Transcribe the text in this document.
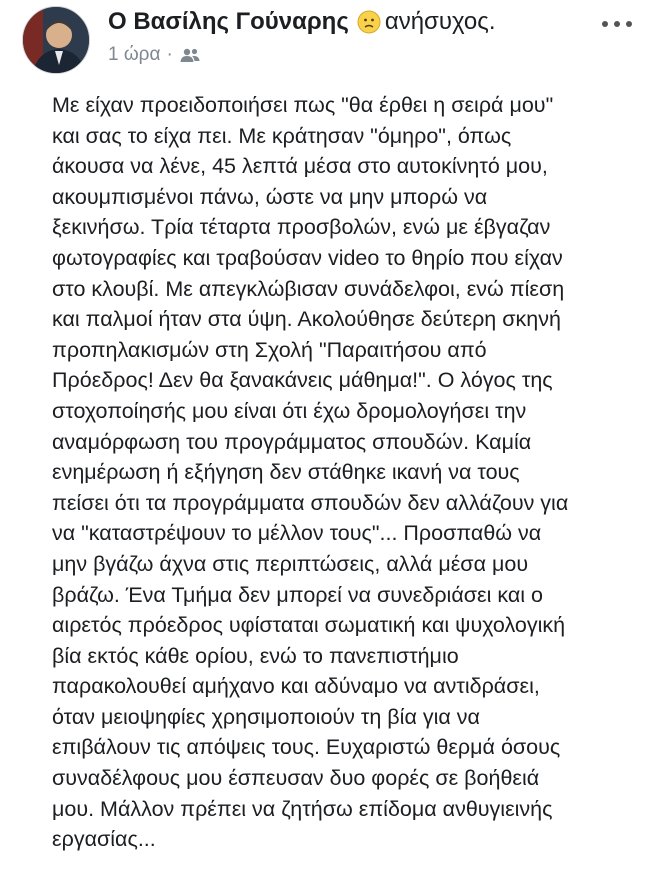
Ο Βασίλης Γούναρης ανήσυχος.
1 ώρα ·
Με είχαν προειδοποιήσει πως "θα έρθει η σειρά μου"
και σας το είχα πει. Με κράτησαν "όμηρο", όπως
άκουσα να λένε, 45 λεπτά μέσα στο αυτοκίνητό μου,
ακουμπισμένοι πάνω, ώστε να μην μπορώ να
ξεκινήσω. Τρία τέταρτα προσβολών, ενώ με έβγαζαν
φωτογραφίες και τραβούσαν video το θηρίο που είχαν
στο κλουβί. Με απεγκλώβισαν συνάδελφοι, ενώ πίεση
και παλμοί ήταν στα ύψη. Ακολούθησε δεύτερη σκηνή
προπηλακισμών στη Σχολή "Παραιτήσου από
Πρόεδρος! Δεν θα ξανακάνεις μάθημα!". Ο λόγος της
στοχοποίησής μου είναι ότι έχω δρομολογήσει την
αναμόρφωση του προγράμματος σπουδών. Καμία
ενημέρωση ή εξήγηση δεν στάθηκε ικανή να τους
πείσει ότι τα προγράμματα σπουδών δεν αλλάζουν για
να "καταστρέψουν το μέλλον τους"... Προσπαθώ να
μην βγάζω άχνα στις περιπτώσεις, αλλά μέσα μου
βράζω. Ένα Τμήμα δεν μπορεί να συνεδριάσει και ο
αιρετός πρόεδρος υφίσταται σωματική και ψυχολογική
βία εκτός κάθε ορίου, ενώ το πανεπιστήμιο
παρακολουθεί αμήχανο και αδύναμο να αντιδράσει,
όταν μειοψηφίες χρησιμοποιούν τη βία για να
επιβάλουν τις απόψεις τους. Ευχαριστώ θερμά όσους
συναδέλφους μου έσπευσαν δυο φορές σε βοήθειά
μου. Μάλλον πρέπει να ζητήσω επίδομα ανθυγιεινής
εργασίας...
